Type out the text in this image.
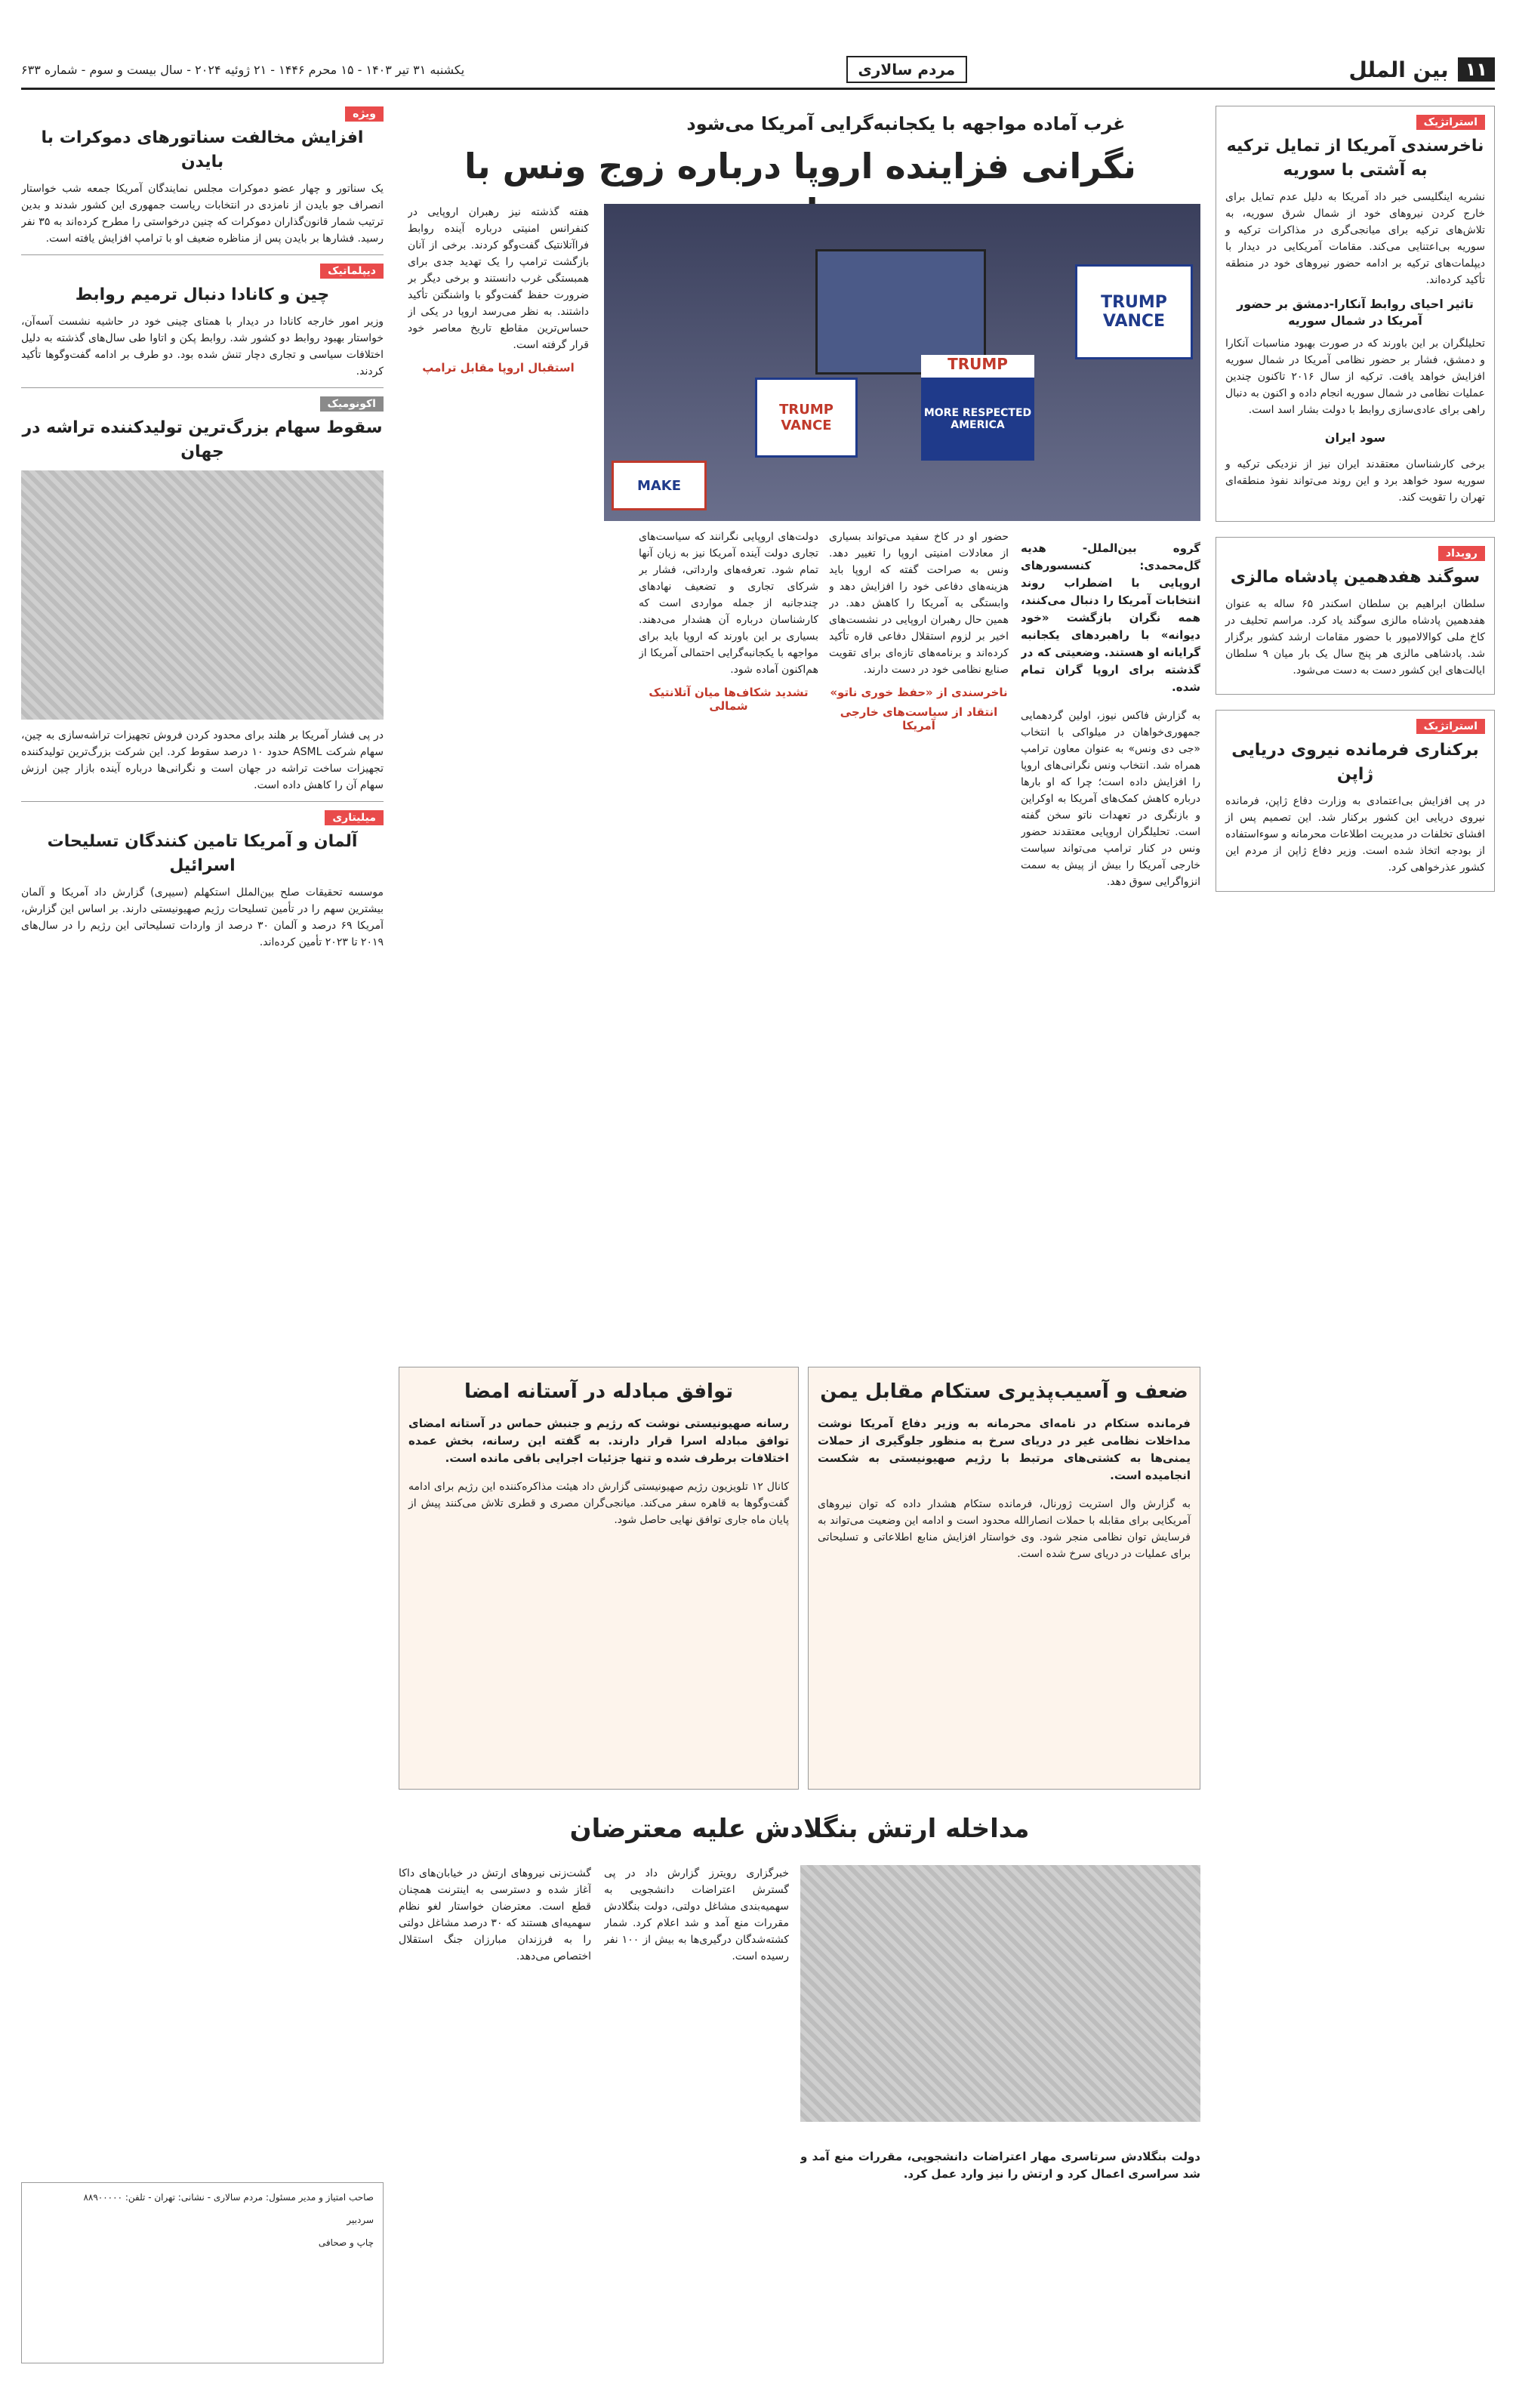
۱۱
بین الملل
مردم سالاری
یکشنبه ۳۱ تیر ۱۴۰۳ - ۱۵ محرم ۱۴۴۶ - ۲۱ ژوئیه ۲۰۲۴ - سال بیست و سوم - شماره ۶۳۳
استراتژیک
ناخرسندی آمریکا از تمایل ترکیه به آشتی با سوریه

نشریه اینگلیسی خبر داد آمریکا به دلیل عدم تمایل برای خارج کردن نیروهای خود از شمال شرق سوریه، به تلاش‌های ترکیه برای میانجی‌گری در مذاکرات ترکیه و سوریه بی‌اعتنایی می‌کند. مقامات آمریکایی در دیدار با دیپلمات‌های ترکیه بر ادامه حضور نیروهای خود در منطقه تأکید کرده‌اند.

تاثیر احیای روابط آنکارا-دمشق بر حضور آمریکا در شمال سوریه

تحلیلگران بر این باورند که در صورت بهبود مناسبات آنکارا و دمشق، فشار بر حضور نظامی آمریکا در شمال سوریه افزایش خواهد یافت. ترکیه از سال ۲۰۱۶ تاکنون چندین عملیات نظامی در شمال سوریه انجام داده و اکنون به دنبال راهی برای عادی‌سازی روابط با دولت بشار اسد است.

سود ایران

برخی کارشناسان معتقدند ایران نیز از نزدیکی ترکیه و سوریه سود خواهد برد و این روند می‌تواند نفوذ منطقه‌ای تهران را تقویت کند.

رویداد
سوگند هفدهمین پادشاه مالزی

سلطان ابراهیم بن سلطان اسکندر ۶۵ ساله به عنوان هفدهمین پادشاه مالزی سوگند یاد کرد. مراسم تحلیف در کاخ ملی کوالالامپور با حضور مقامات ارشد کشور برگزار شد. پادشاهی مالزی هر پنج سال یک بار میان ۹ سلطان ایالت‌های این کشور دست به دست می‌شود.

استراتژیک
برکناری فرمانده نیروی دریایی ژاپن

در پی افزایش بی‌اعتمادی به وزارت دفاع ژاپن، فرمانده نیروی دریایی این کشور برکنار شد. این تصمیم پس از افشای تخلفات در مدیریت اطلاعات محرمانه و سوءاستفاده از بودجه اتخاذ شده است. وزیر دفاع ژاپن از مردم این کشور عذرخواهی کرد.

ویژه
افزایش مخالفت سناتورهای دموکرات با بایدن

یک سناتور و چهار عضو دموکرات مجلس نمایندگان آمریکا جمعه شب خواستار انصراف جو بایدن از نامزدی در انتخابات ریاست جمهوری این کشور شدند و بدین ترتیب شمار قانون‌گذاران دموکرات که چنین درخواستی را مطرح کرده‌اند به ۳۵ نفر رسید. فشارها بر بایدن پس از مناظره ضعیف او با ترامپ افزایش یافته است.

دیپلماتیک
چین و کانادا دنبال ترمیم روابط

وزیر امور خارجه کانادا در دیدار با همتای چینی خود در حاشیه نشست آسه‌آن، خواستار بهبود روابط دو کشور شد. روابط پکن و اتاوا طی سال‌های گذشته به دلیل اختلافات سیاسی و تجاری دچار تنش شده بود. دو طرف بر ادامه گفت‌وگوها تأکید کردند.

اکونومیک
سقوط سهام بزرگ‌ترین تولیدکننده تراشه در جهان

در پی فشار آمریکا بر هلند برای محدود کردن فروش تجهیزات تراشه‌سازی به چین، سهام شرکت ASML حدود ۱۰ درصد سقوط کرد. این شرکت بزرگ‌ترین تولیدکننده تجهیزات ساخت تراشه در جهان است و نگرانی‌ها درباره آینده بازار چین ارزش سهام آن را کاهش داده است.

میلیتاری
آلمان و آمریکا تامین کنندگان تسلیحات اسرائیل

موسسه تحقیقات صلح بین‌الملل استکهلم (سیپری) گزارش داد آمریکا و آلمان بیشترین سهم را در تأمین تسلیحات رژیم صهیونیستی دارند. بر اساس این گزارش، آمریکا ۶۹ درصد و آلمان ۳۰ درصد از واردات تسلیحاتی این رژیم را در سال‌های ۲۰۱۹ تا ۲۰۲۳ تأمین کرده‌اند.

صاحب امتیاز و مدیر مسئول: مردم سالاری - نشانی: تهران - تلفن: ۸۸۹۰۰۰۰۰
سردبیر
چاپ و صحافی
غرب آماده مواجهه با یکجانبه‌گرایی آمریکا می‌شود
نگرانی فزاینده اروپا درباره زوج ونس با
TRUMP VANCE
TRUMP VANCE
MORE RESPECTED AMERICA
TRUMP
MAKE

گروه بین‌الملل- هدیه گل‌محمدی: کنسسورهای اروپایی با اضطراب روند انتخابات آمریکا را دنبال می‌کنند، همه نگران بازگشت «خود دیوانه» با راهبردهای یکجانبه گرایانه او هستند. وضعیتی که در گذشته برای اروپا گران تمام شده.

به گزارش فاکس نیوز، اولین گردهمایی جمهوری‌خواهان در میلواکی با انتخاب «جی دی ونس» به عنوان معاون ترامپ همراه شد. انتخاب ونس نگرانی‌های اروپا را افزایش داده است؛ چرا که او بارها درباره کاهش کمک‌های آمریکا به اوکراین و بازنگری در تعهدات ناتو سخن گفته است. تحلیلگران اروپایی معتقدند حضور ونس در کنار ترامپ می‌تواند سیاست خارجی آمریکا را بیش از پیش به سمت انزواگرایی سوق دهد.

حضور او در کاخ سفید می‌تواند بسیاری از معادلات امنیتی اروپا را تغییر دهد. ونس به صراحت گفته که اروپا باید هزینه‌های دفاعی خود را افزایش دهد و وابستگی به آمریکا را کاهش دهد. در همین حال رهبران اروپایی در نشست‌های اخیر بر لزوم استقلال دفاعی قاره تأکید کرده‌اند و برنامه‌های تازه‌ای برای تقویت صنایع نظامی خود در دست دارند.

ناخرسندی از «حفظ خوری ناتو»
انتقاد از سیاست‌های خارجی آمریکا

دولت‌های اروپایی نگرانند که سیاست‌های تجاری دولت آینده آمریکا نیز به زیان آنها تمام شود. تعرفه‌های وارداتی، فشار بر شرکای تجاری و تضعیف نهادهای چندجانبه از جمله مواردی است که کارشناسان درباره آن هشدار می‌دهند. بسیاری بر این باورند که اروپا باید برای مواجهه با یکجانبه‌گرایی احتمالی آمریکا از هم‌اکنون آماده شود.

تشدید شکاف‌ها میان آتلانتیک شمالی

هفته گذشته نیز رهبران اروپایی در کنفرانس امنیتی درباره آینده روابط فراآتلانتیک گفت‌وگو کردند. برخی از آنان بازگشت ترامپ را یک تهدید جدی برای همبستگی غرب دانستند و برخی دیگر بر ضرورت حفظ گفت‌وگو با واشنگتن تأکید داشتند. به نظر می‌رسد اروپا در یکی از حساس‌ترین مقاطع تاریخ معاصر خود قرار گرفته است.

استقبال اروپا مقابل ترامپ
ضعف و آسیب‌پذیری ستکام مقابل یمن

فرمانده ستکام در نامه‌ای محرمانه به وزیر دفاع آمریکا نوشت مداخلات نظامی غیر در دریای سرخ به منظور جلوگیری از حملات یمنی‌ها به کشتی‌های مرتبط با رژیم صهیونیستی به شکست انجامیده است.

به گزارش وال استریت ژورنال، فرمانده ستکام هشدار داده که توان نیروهای آمریکایی برای مقابله با حملات انصارالله محدود است و ادامه این وضعیت می‌تواند به فرسایش توان نظامی منجر شود. وی خواستار افزایش منابع اطلاعاتی و تسلیحاتی برای عملیات در دریای سرخ شده است.

توافق مبادله در آستانه امضا

رسانه صهیونیستی نوشت که رژیم و جنبش حماس در آستانه امضای توافق مبادله اسرا قرار دارند. به گفته این رسانه، بخش عمده اختلافات برطرف شده و تنها جزئیات اجرایی باقی مانده است.

کانال ۱۲ تلویزیون رژیم صهیونیستی گزارش داد هیئت مذاکره‌کننده این رژیم برای ادامه گفت‌وگوها به قاهره سفر می‌کند. میانجی‌گران مصری و قطری تلاش می‌کنند پیش از پایان ماه جاری توافق نهایی حاصل شود.

مداخله ارتش بنگلادش علیه معترضان

دولت بنگلادش سرتاسری مهار اعتراضات دانشجویی، مقررات منع آمد و شد سراسری اعمال کرد و ارتش را نیز وارد عمل کرد.

خبرگزاری رویترز گزارش داد در پی گسترش اعتراضات دانشجویی به سهمیه‌بندی مشاغل دولتی، دولت بنگلادش مقررات منع آمد و شد اعلام کرد. شمار کشته‌شدگان درگیری‌ها به بیش از ۱۰۰ نفر رسیده است.

گشت‌زنی نیروهای ارتش در خیابان‌های داکا آغاز شده و دسترسی به اینترنت همچنان قطع است. معترضان خواستار لغو نظام سهمیه‌ای هستند که ۳۰ درصد مشاغل دولتی را به فرزندان مبارزان جنگ استقلال اختصاص می‌دهد.
